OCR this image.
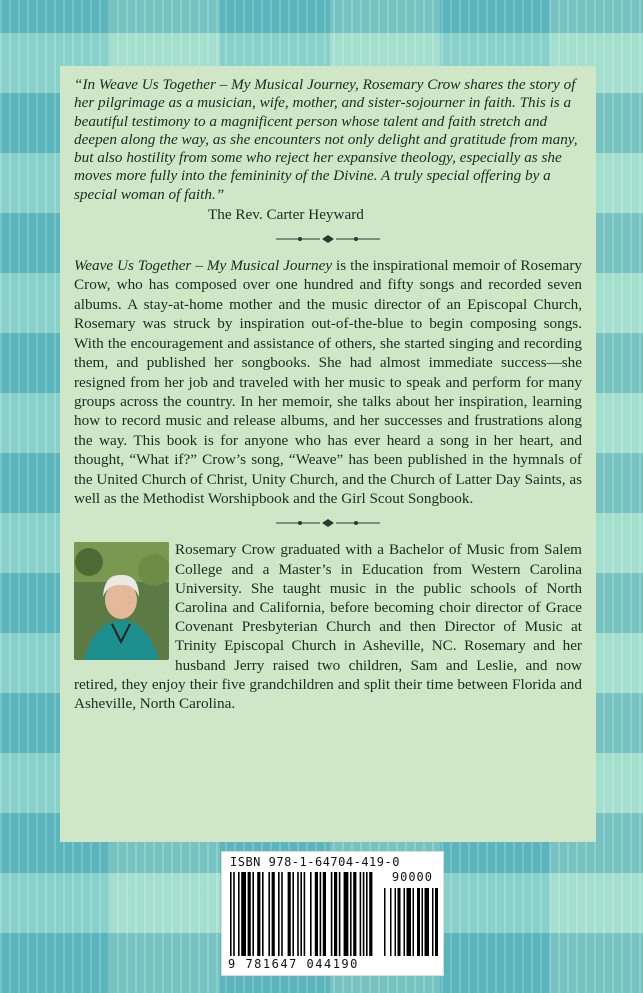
“In Weave Us Together – My Musical Journey, Rosemary Crow shares the story of her pilgrimage as a musician, wife, mother, and sister-sojourner in faith. This is a beautiful testimony to a magnificent person whose talent and faith stretch and deepen along the way, as she encounters not only delight and gratitude from many, but also hostility from some who reject her expansive theology, especially as she moves more fully into the femininity of the Divine. A truly special offering by a special woman of faith.”

The Rev. Carter Heyward

Weave Us Together – My Musical Journey is the inspirational memoir of Rosemary Crow, who has composed over one hundred and fifty songs and recorded seven albums. A stay-at-home mother and the music director of an Episcopal Church, Rosemary was struck by inspiration out-of-the-blue to begin composing songs. With the encouragement and assistance of others, she started singing and recording them, and published her songbooks. She had almost immediate success—she resigned from her job and traveled with her music to speak and perform for many groups across the country. In her memoir, she talks about her inspiration, learning how to record music and release albums, and her successes and frustrations along the way. This book is for anyone who has ever heard a song in her heart, and thought, “What if?” Crow’s song, “Weave” has been published in the hymnals of the United Church of Christ, Unity Church, and the Church of Latter Day Saints, as well as the Methodist Worshipbook and the Girl Scout Songbook.

Rosemary Crow graduated with a Bachelor of Music from Salem College and a Master’s in Education from Western Carolina University. She taught music in the public schools of North Carolina and California, before becoming choir director of Grace Covenant Presbyterian Church and then Director of Music at Trinity Episcopal Church in Asheville, NC. Rosemary and her husband Jerry raised two children, Sam and Leslie, and now retired, they enjoy their five grandchildren and split their time between Florida and Asheville, North Carolina.

ISBN 978-1-64704-419-0
90000
9 781647 044190
